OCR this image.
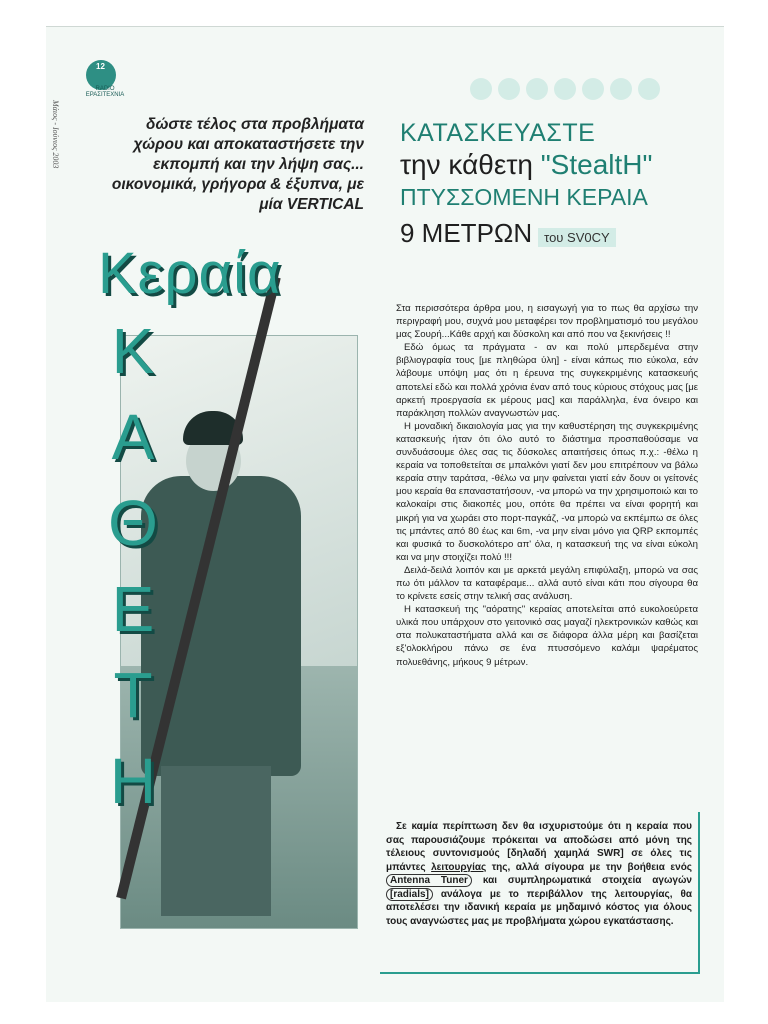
12
RADIO ΕΡΑΣΙΤΕΧΝΙΑ
Μάιος - Ιούνιος 2003	δώστε τέλος στα προβλήματα χώρου και αποκαταστήσετε την εκπομπή και την λήψη σας... οικονομικά, γρήγορα & έξυπνα, με μία VERTICAL
ΚΑΤΑΣΚΕΥΑΣΤΕ
την κάθετη "StealtH"
ΠΤΥΣΣΟΜΕΝΗ ΚΕΡΑΙΑ
9 ΜΕΤΡΩΝ του SV0CY
Κεραία
Κ
Α
Θ
Ε
Τ
Η

Στα περισσότερα άρθρα μου, η εισαγωγή για το πως θα αρχίσω την περιγραφή μου, συχνά μου μεταφέρει τον προβληματισμό του μεγάλου μας Σουρή...Κάθε αρχή και δύσκολη και από που να ξεκινήσεις !!

Εδώ όμως τα πράγματα - αν και πολύ μπερδεμένα στην βιβλιογραφία τους [με πληθώρα ύλη] - είναι κάπως πιο εύκολα, εάν λάβουμε υπόψη μας ότι η έρευνα της συγκεκριμένης κατασκευής αποτελεί εδώ και πολλά χρόνια έναν από τους κύριους στόχους μας [με αρκετή προεργασία εκ μέρους μας] και παράλληλα, ένα όνειρο και παράκληση πολλών αναγνωστών μας.

Η μοναδική δικαιολογία μας για την καθυστέρηση της συγκεκριμένης κατασκευής ήταν ότι όλο αυτό το διάστημα προσπαθούσαμε να συνδυάσουμε όλες σας τις δύσκολες απαιτήσεις όπως π.χ.: -θέλω η κεραία να τοποθετείται σε μπαλκόνι γιατί δεν μου επιτρέπουν να βάλω κεραία στην ταράτσα, -θέλω να μην φαίνεται γιατί εάν δουν οι γείτονές μου κεραία θα επαναστατήσουν, -να μπορώ να την χρησιμοποιώ και το καλοκαίρι στις διακοπές μου, οπότε θα πρέπει να είναι φορητή και μικρή για να χωράει στο πορτ-παγκάζ, -να μπορώ να εκπέμπω σε όλες τις μπάντες από 80 έως και 6m, -να μην είναι μόνο για QRP εκπομπές και φυσικά το δυσκολότερο απ' όλα, η κατασκευή της να είναι εύκολη και να μην στοιχίζει πολύ !!!

Δειλά-δειλά λοιπόν και με αρκετά μεγάλη επιφύλαξη, μπορώ να σας πω ότι μάλλον τα καταφέραμε... αλλά αυτό είναι κάτι που σίγουρα θα το κρίνετε εσείς στην τελική σας ανάλυση.

Η κατασκευή της "αόρατης" κεραίας αποτελείται από ευκολοεύρετα υλικά που υπάρχουν στο γειτονικό σας μαγαζί ηλεκτρονικών καθώς και στα πολυκαταστήματα αλλά και σε διάφορα άλλα μέρη και βασίζεται εξ'ολοκλήρου πάνω σε ένα πτυσσόμενο καλάμι ψαρέματος πολυεθάνης, μήκους 9 μέτρων.

Σε καμία περίπτωση δεν θα ισχυριστούμε ότι η κεραία που σας παρουσιάζουμε πρόκειται να αποδώσει από μόνη της τέλειους συντονισμούς [δηλαδή χαμηλά SWR] σε όλες τις μπάντες λειτουργίας της, αλλά σίγουρα με την βοήθεια ενός Antenna Tuner και συμπληρωματικά στοιχεία αγωγών [radials] ανάλογα με το περιβάλλον της λειτουργίας, θα αποτελέσει την ιδανική κεραία με μηδαμινό κόστος για όλους τους αναγνώστες μας με προβλήματα χώρου εγκατάστασης.
